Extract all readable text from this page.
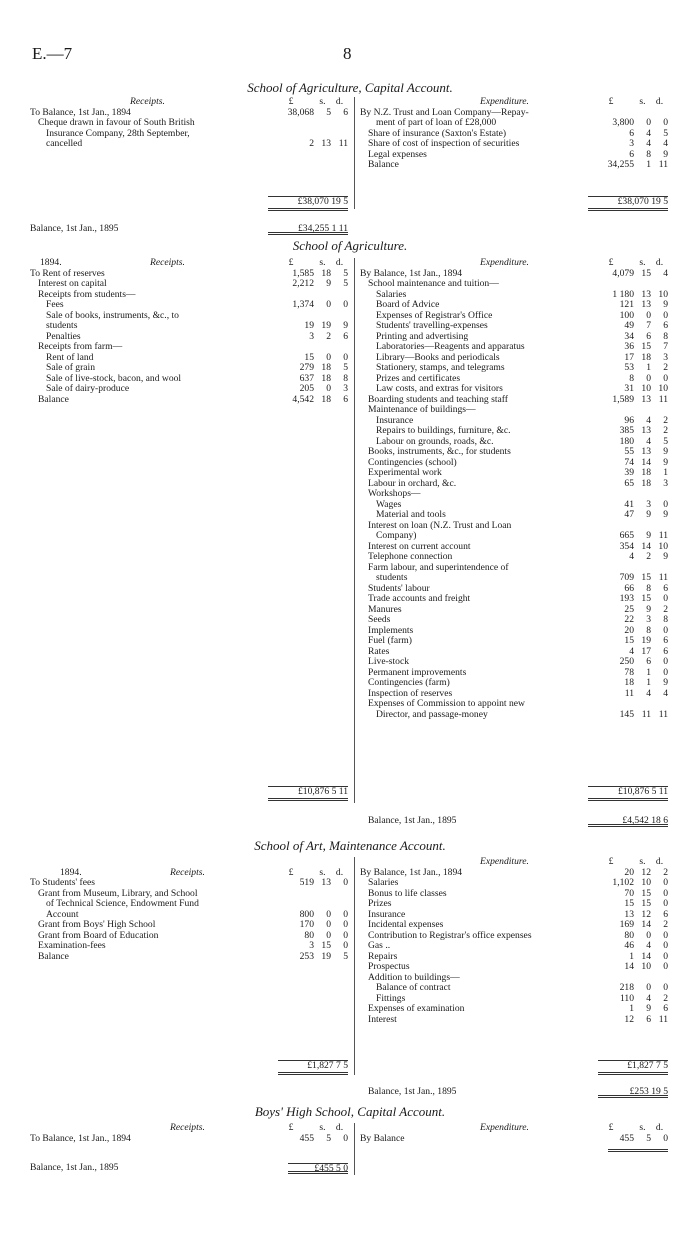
E.—7	8
School of Agriculture, Capital Account.
Receipts.	£	s.	d.
To Balance, 1st Jan., 1894	38,068	5	6
Cheque drawn in favour of South British
Insurance Company, 28th September,
cancelled	2 13 11
£38,070 19 5
Balance, 1st Jan., 1895	£34,255 1 11
Expenditure.	£	s.	d.
By N.Z. Trust and Loan Company—Repay-
ment of part of loan of £28,000	3,800	0	0
Share of insurance (Saxton's Estate)	6	4	5
Share of cost of inspection of securities	3	4	4
Legal expenses	6	8	9
Balance	34,255	1 11
£38,070 19 5
School of Agriculture.
1894.	Receipts.	£	s.	d.
To Rent of reserves	1,585 18	5
Interest on capital	2,212	9	5
Receipts from students—
Fees	1,374	0	0
Sale of books, instruments, &c., to
students	19 19	9
Penalties	3	2	6
Receipts from farm—
Rent of land	15	0	0
Sale of grain	279 18	5
Sale of live-stock, bacon, and wool	637 18	8
Sale of dairy-produce	205	0	3
Balance	4,542 18	6
£10,876 5 11
Expenditure.	£	s.	d.
By Balance, 1st Jan., 1894	4,079 15	4
School maintenance and tuition—
Salaries	1 180 13 10
Board of Advice	121 13	9
Expenses of Registrar's Office	100	0	0
Students' travelling-expenses	49	7	6
Printing and advertising	34	6	8
Laboratories—Reagents and apparatus	36 15	7
Library—Books and periodicals	17 18	3
Stationery, stamps, and telegrams	53	1	2
Prizes and certificates	8	0	0
Law costs, and extras for visitors	31 10 10
Boarding students and teaching staff	1,589 13 11
Maintenance of buildings—
Insurance	96	4	2
Repairs to buildings, furniture, &c.	385 13	2
Labour on grounds, roads, &c.	180	4	5
Books, instruments, &c., for students	55 13	9
Contingencies (school)	74 14	9
Experimental work	39 18	1
Labour in orchard, &c.	65 18	3
Workshops—
Wages	41	3	0
Material and tools	47	9	9
Interest on loan (N.Z. Trust and Loan
Company)	665	9 11
Interest on current account	354 14 10
Telephone connection	4	2	9
Farm labour, and superintendence of
students	709 15 11
Students' labour	66	8	6
Trade accounts and freight	193 15	0
Manures	25	9	2
Seeds	22	3	8
Implements	20	8	0
Fuel (farm)	15 19	6
Rates	4 17	6
Live-stock	250	6	0
Permanent improvements	78	1	0
Contingencies (farm)	18	1	9
Inspection of reserves	11	4	4
Expenses of Commission to appoint new
Director, and passage-money	145 11 11
£10,876 5 11
Balance, 1st Jan., 1895	£4,542 18 6
School of Art, Maintenance Account.
1894.	Receipts.	£	s.	d.
To Students' fees	519 13	0
Grant from Museum, Library, and School
of Technical Science, Endowment Fund
Account	800	0	0
Grant from Boys' High School	170	0	0
Grant from Board of Education	80	0	0
Examination-fees	3 15	0
Balance	253 19	5
£1,827 7 5
Expenditure.	£	s.	d.
By Balance, 1st Jan., 1894	20 12	2
Salaries	1,102 10	0
Bonus to life classes	70 15	0
Prizes	15 15	0
Insurance	13 12	6
Incidental expenses	169 14	2
Contribution to Registrar's office expenses	80	0	0
Gas ..	46	4	0
Repairs	1 14	0
Prospectus	14 10	0
Addition to buildings—
Balance of contract	218	0	0
Fittings	110	4	2
Expenses of examination	1	9	6
Interest	12	6 11
£1,827 7 5
Balance, 1st Jan., 1895	£253 19 5
Boys' High School, Capital Account.
Receipts.	£	s.	d.
To Balance, 1st Jan., 1894	455	5	0
Balance, 1st Jan., 1895	£455 5 0
Expenditure.	£	s.	d.
By Balance	455	5	0
